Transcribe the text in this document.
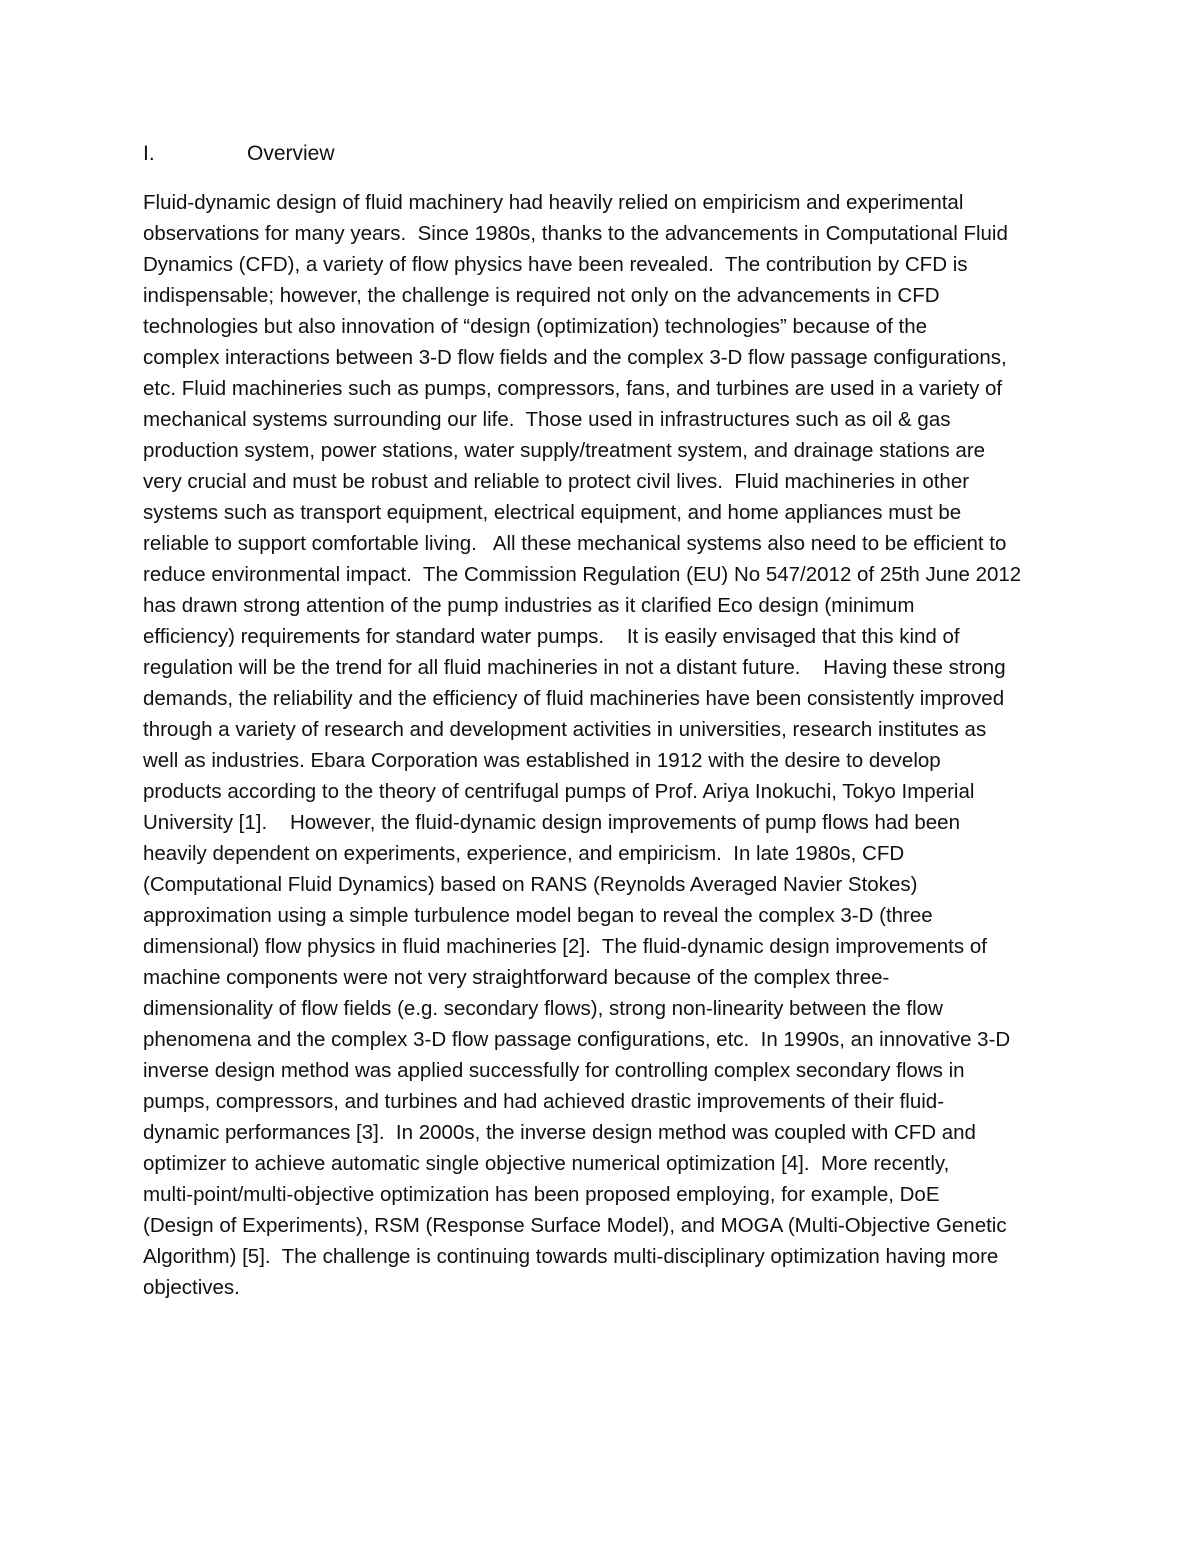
I.	Overview
Fluid-dynamic design of fluid machinery had heavily relied on empiricism and experimental
observations for many years.  Since 1980s, thanks to the advancements in Computational Fluid
Dynamics (CFD), a variety of flow physics have been revealed.  The contribution by CFD is
indispensable; however, the challenge is required not only on the advancements in CFD
technologies but also innovation of “design (optimization) technologies” because of the
complex interactions between 3-D flow fields and the complex 3-D flow passage configurations,
etc. Fluid machineries such as pumps, compressors, fans, and turbines are used in a variety of
mechanical systems surrounding our life.  Those used in infrastructures such as oil & gas
production system, power stations, water supply/treatment system, and drainage stations are
very crucial and must be robust and reliable to protect civil lives.  Fluid machineries in other
systems such as transport equipment, electrical equipment, and home appliances must be
reliable to support comfortable living.   All these mechanical systems also need to be efficient to
reduce environmental impact.  The Commission Regulation (EU) No 547/2012 of 25th June 2012
has drawn strong attention of the pump industries as it clarified Eco design (minimum
efficiency) requirements for standard water pumps.    It is easily envisaged that this kind of
regulation will be the trend for all fluid machineries in not a distant future.    Having these strong
demands, the reliability and the efficiency of fluid machineries have been consistently improved
through a variety of research and development activities in universities, research institutes as
well as industries. Ebara Corporation was established in 1912 with the desire to develop
products according to the theory of centrifugal pumps of Prof. Ariya Inokuchi, Tokyo Imperial
University [1].    However, the fluid-dynamic design improvements of pump flows had been
heavily dependent on experiments, experience, and empiricism.  In late 1980s, CFD
(Computational Fluid Dynamics) based on RANS (Reynolds Averaged Navier Stokes)
approximation using a simple turbulence model began to reveal the complex 3-D (three
dimensional) flow physics in fluid machineries [2].  The fluid-dynamic design improvements of
machine components were not very straightforward because of the complex three-
dimensionality of flow fields (e.g. secondary flows), strong non-linearity between the flow
phenomena and the complex 3-D flow passage configurations, etc.  In 1990s, an innovative 3-D
inverse design method was applied successfully for controlling complex secondary flows in
pumps, compressors, and turbines and had achieved drastic improvements of their fluid-
dynamic performances [3].  In 2000s, the inverse design method was coupled with CFD and
optimizer to achieve automatic single objective numerical optimization [4].  More recently,
multi-point/multi-objective optimization has been proposed employing, for example, DoE
(Design of Experiments), RSM (Response Surface Model), and MOGA (Multi-Objective Genetic
Algorithm) [5].  The challenge is continuing towards multi-disciplinary optimization having more
objectives.
